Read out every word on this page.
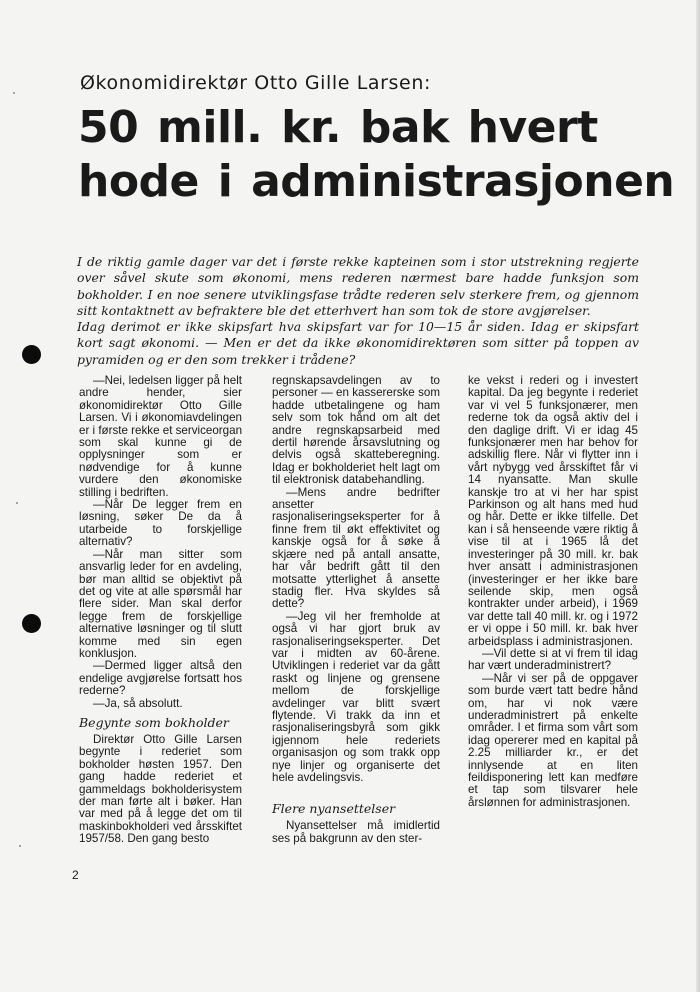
Økonomidirektør Otto Gille Larsen:
50 mill. kr. bak hvert
hode i administrasjonen

I de riktig gamle dager var det i første rekke kapteinen som i stor utstrekning regjerte over såvel skute som økonomi, mens rederen nærmest bare hadde funksjon som bokholder. I en noe senere utviklingsfase trådte rederen selv sterkere frem, og gjennom sitt kontaktnett av befraktere ble det etterhvert han som tok de store avgjørelser.

Idag derimot er ikke skipsfart hva skipsfart var for 10—15 år siden. Idag er skipsfart kort sagt økonomi. — Men er det da ikke økonomidirektøren som sitter på toppen av pyramiden og er den som trekker i trådene?

—Nei, ledelsen ligger på helt andre hender, sier økonomidirektør Otto Gille Larsen. Vi i økonomiavdelingen er i første rekke et serviceorgan som skal kunne gi de opplysninger som er nødvendige for å kunne vurdere den økonomiske stilling i bedriften.

—Når De legger frem en løsning, søker De da å utarbeide to forskjellige alternativ?

—Når man sitter som ansvarlig leder for en avdeling, bør man alltid se objektivt på det og vite at alle spørsmål har flere sider. Man skal derfor legge frem de forskjellige alternative løsninger og til slutt komme med sin egen konklusjon.

—Dermed ligger altså den endelige avgjørelse fortsatt hos rederne?

—Ja, så absolutt.

Begynte som bokholder

Direktør Otto Gille Larsen begynte i rederiet som bokholder høsten 1957. Den gang hadde rederiet et gammeldags bokholderisystem der man førte alt i bøker. Han var med på å legge det om til maskinbokholderi ved årsskiftet 1957/58. Den gang besto

regnskapsavdelingen av to personer — en kassererske som hadde utbetalingene og ham selv som tok hånd om alt det andre regnskapsarbeid med dertil hørende årsavslutning og delvis også skatteberegning. Idag er bokholderiet helt lagt om til elektronisk databehandling.

—Mens andre bedrifter ansetter rasjonaliseringseksperter for å finne frem til økt effektivitet og kanskje også for å søke å skjære ned på antall ansatte, har vår bedrift gått til den motsatte ytterlighet å ansette stadig fler. Hva skyldes så dette?

—Jeg vil her fremholde at også vi har gjort bruk av rasjonaliseringseksperter. Det var i midten av 60-årene. Utviklingen i rederiet var da gått raskt og linjene og grensene mellom de forskjellige avdelinger var blitt svært flytende. Vi trakk da inn et rasjonaliseringsbyrå som gikk igjennom hele rederiets organisasjon og som trakk opp nye linjer og organiserte det hele avdelingsvis.

Flere nyansettelser

Nyansettelser må imidlertid ses på bakgrunn av den ster-

ke vekst i rederi og i investert kapital. Da jeg begynte i rederiet var vi vel 5 funksjonærer, men rederne tok da også aktiv del i den daglige drift. Vi er idag 45 funksjonærer men har behov for adskillig flere. Når vi flytter inn i vårt nybygg ved årsskiftet får vi 14 nyansatte. Man skulle kanskje tro at vi her har spist Parkinson og alt hans med hud og hår. Dette er ikke tilfelle. Det kan i så henseende være riktig å vise til at i 1965 lå det investeringer på 30 mill. kr. bak hver ansatt i administrasjonen (investeringer er her ikke bare seilende skip, men også kontrakter under arbeid), i 1969 var dette tall 40 mill. kr. og i 1972 er vi oppe i 50 mill. kr. bak hver arbeidsplass i administrasjonen.

—Vil dette si at vi frem til idag har vært underadministrert?

—Når vi ser på de oppgaver som burde vært tatt bedre hånd om, har vi nok være underadministrert på enkelte områder. I et firma som vårt som idag opererer med en kapital på 2.25 milliarder kr., er det innlysende at en liten feildisponering lett kan medføre et tap som tilsvarer hele årslønnen for administrasjonen.

2
